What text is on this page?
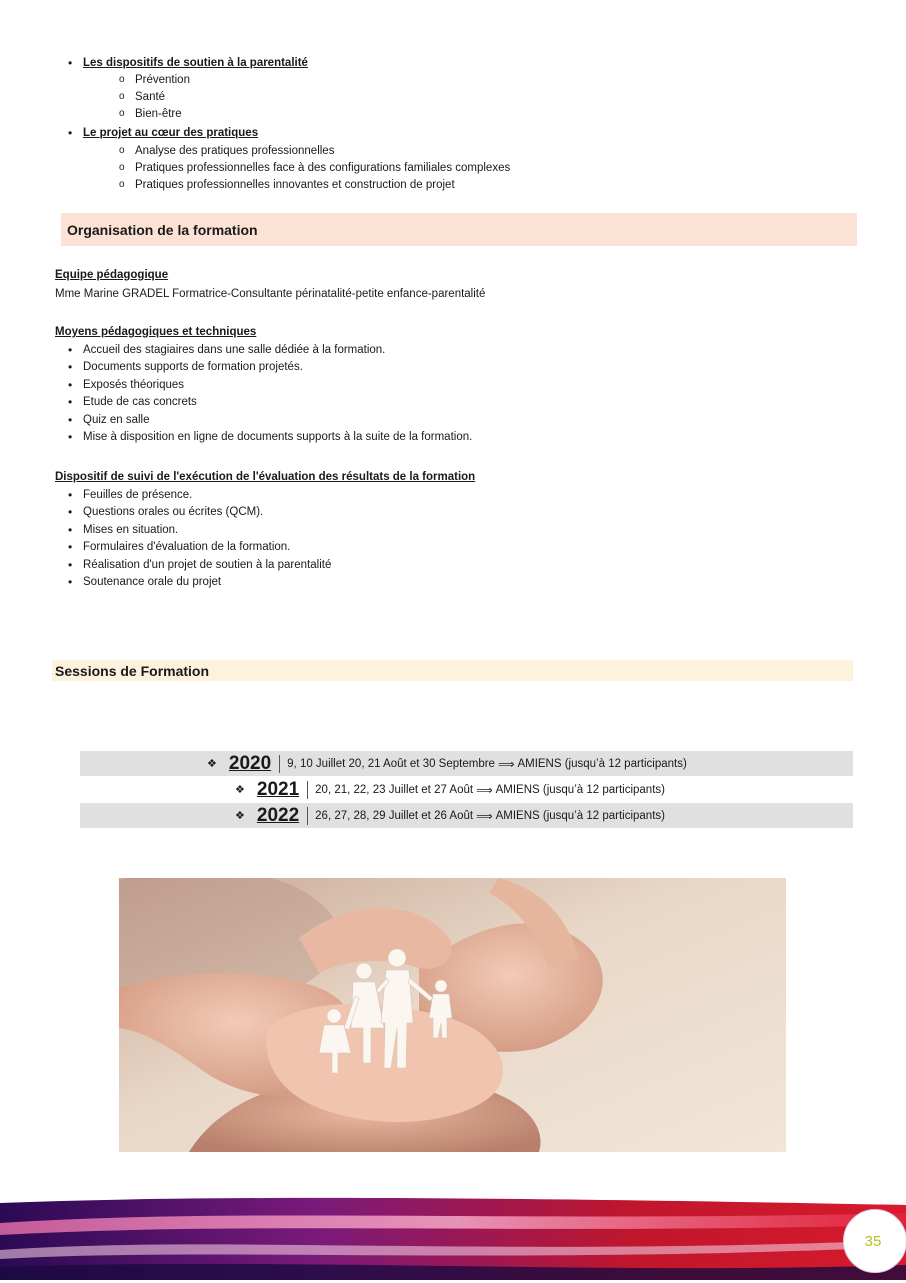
• Les dispositifs de soutien à la parentalité
o Prévention
o Santé
o Bien-être
• Le projet au cœur des pratiques
o Analyse des pratiques professionnelles
o Pratiques professionnelles face à des configurations familiales complexes
o Pratiques professionnelles innovantes et construction de projet
Organisation de la formation
Equipe pédagogique
Mme Marine GRADEL Formatrice-Consultante périnatalité-petite enfance-parentalité
Moyens pédagogiques et techniques
• Accueil des stagiaires dans une salle dédiée à la formation.
• Documents supports de formation projetés.
• Exposés théoriques
• Etude de cas concrets
• Quiz en salle
• Mise à disposition en ligne de documents supports à la suite de la formation.
Dispositif de suivi de l'exécution de l'évaluation des résultats de la formation
• Feuilles de présence.
• Questions orales ou écrites (QCM).
• Mises en situation.
• Formulaires d'évaluation de la formation.
• Réalisation d'un projet de soutien à la parentalité
• Soutenance orale du projet
Sessions de Formation
❖ 2020 9, 10 Juillet 20, 21 Août et 30 Septembre ⟹ AMIENS (jusqu’à 12 participants)
❖ 2021 20, 21, 22, 23 Juillet et 27 Août ⟹ AMIENS (jusqu’à 12 participants)
❖ 2022 26, 27, 28, 29 Juillet et 26 Août ⟹ AMIENS (jusqu’à 12 participants)
35
